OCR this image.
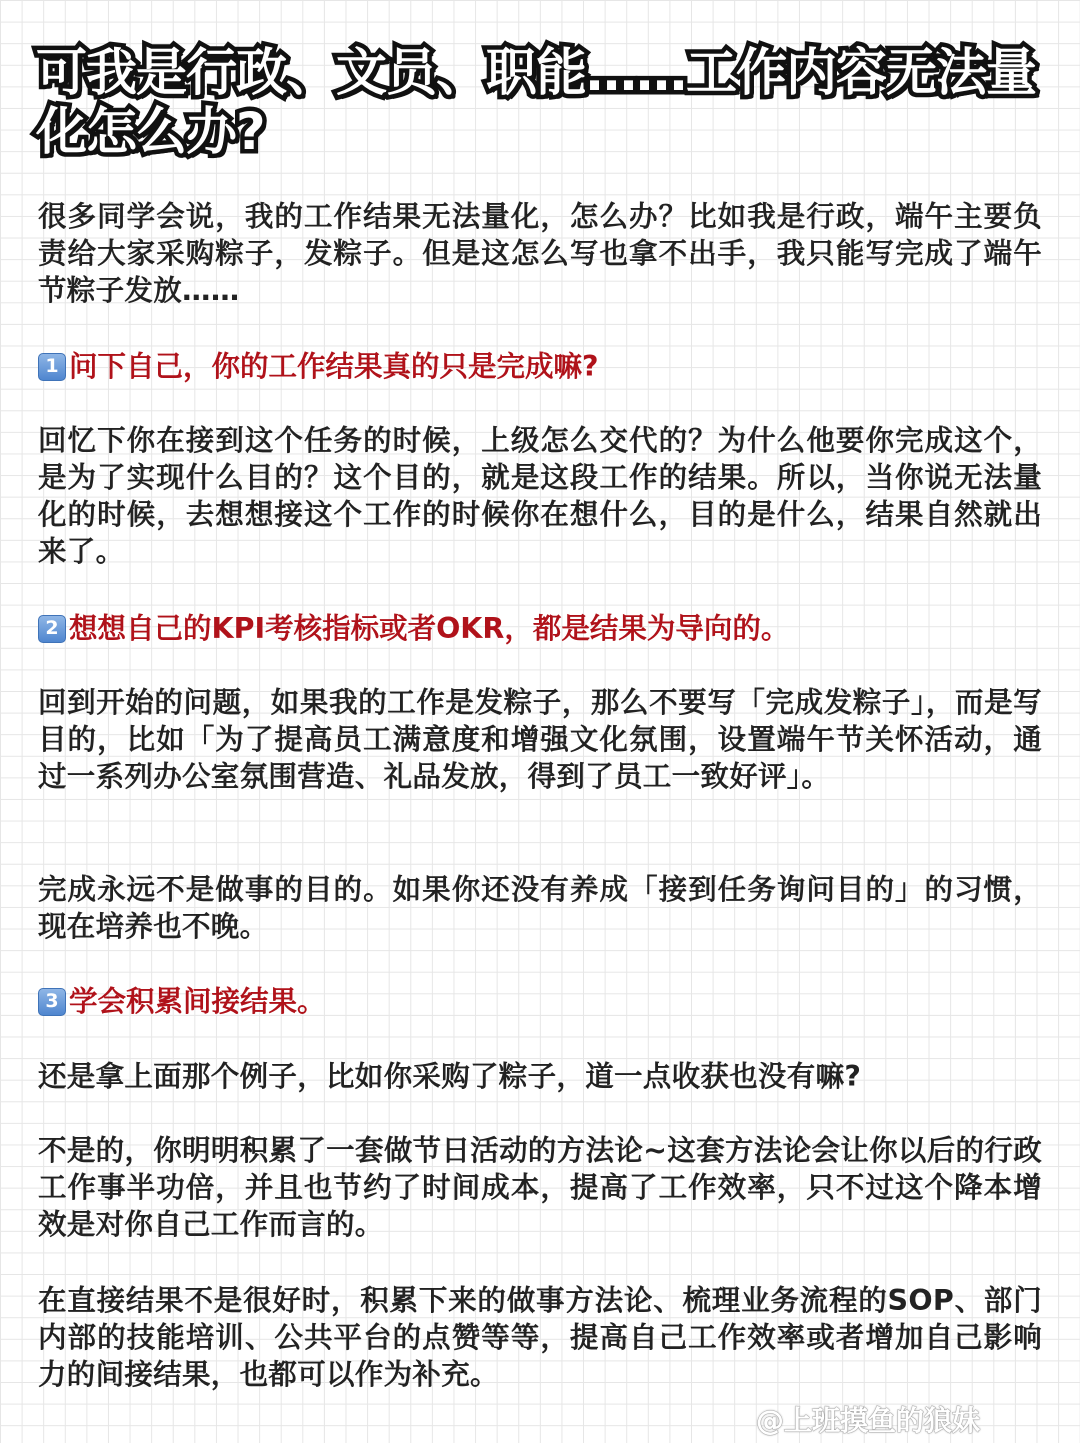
可我是行政、文员、职能……工作内容无法量化怎么办?

很多同学会说，我的工作结果无法量化，怎么办？比如我是行政，端午主要负责给大家采购粽子，发粽子。但是这怎么写也拿不出手，我只能写完成了端午节粽子发放……

1 问下自己，你的工作结果真的只是完成嘛?

回忆下你在接到这个任务的时候，上级怎么交代的？为什么他要你完成这个，是为了实现什么目的？这个目的，就是这段工作的结果。所以，当你说无法量化的时候，去想想接这个工作的时候你在想什么，目的是什么，结果自然就出来了。

2 想想自己的KPI考核指标或者OKR，都是结果为导向的。

回到开始的问题，如果我的工作是发粽子，那么不要写「完成发粽子」，而是写目的，比如「为了提高员工满意度和增强文化氛围，设置端午节关怀活动，通过一系列办公室氛围营造、礼品发放，得到了员工一致好评」。

完成永远不是做事的目的。如果你还没有养成「接到任务询问目的」的习惯，现在培养也不晚。

3 学会积累间接结果。

还是拿上面那个例子，比如你采购了粽子，道一点收获也没有嘛?

不是的，你明明积累了一套做节日活动的方法论~这套方法论会让你以后的行政工作事半功倍，并且也节约了时间成本，提高了工作效率，只不过这个降本增效是对你自己工作而言的。

在直接结果不是很好时，积累下来的做事方法论、梳理业务流程的SOP、部门内部的技能培训、公共平台的点赞等等，提高自己工作效率或者增加自己影响力的间接结果，也都可以作为补充。

@上班摸鱼的狼妹
